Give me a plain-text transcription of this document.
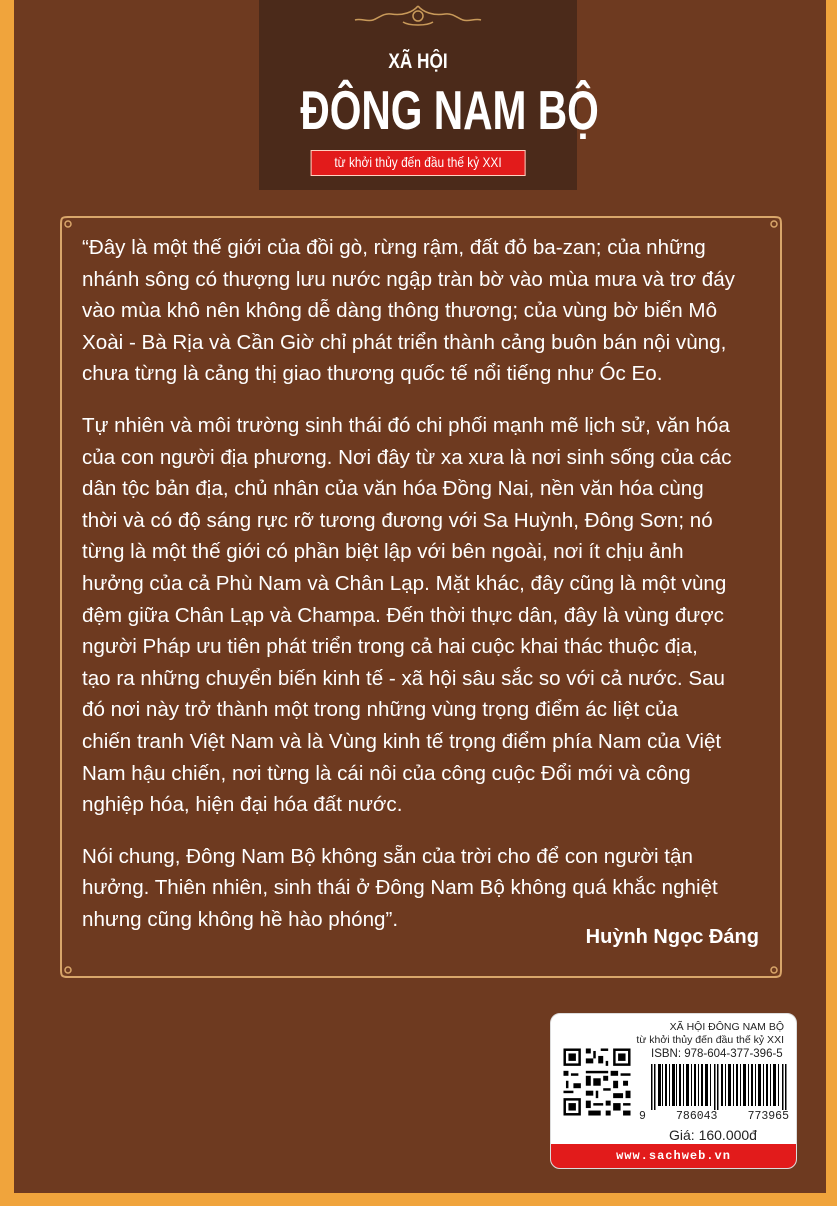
XÃ HỘI
ĐÔNG NAM BỘ
từ khởi thủy đến đầu thế kỷ XXI

“Đây là một thế giới của đồi gò, rừng rậm, đất đỏ ba-zan; của những
nhánh sông có thượng lưu nước ngập tràn bờ vào mùa mưa và trơ đáy
vào mùa khô nên không dễ dàng thông thương; của vùng bờ biển Mô
Xoài - Bà Rịa và Cần Giờ chỉ phát triển thành cảng buôn bán nội vùng,
chưa từng là cảng thị giao thương quốc tế nổi tiếng như Óc Eo.

Tự nhiên và môi trường sinh thái đó chi phối mạnh mẽ lịch sử, văn hóa
của con người địa phương. Nơi đây từ xa xưa là nơi sinh sống của các
dân tộc bản địa, chủ nhân của văn hóa Đồng Nai, nền văn hóa cùng
thời và có độ sáng rực rỡ tương đương với Sa Huỳnh, Đông Sơn; nó
từng là một thế giới có phần biệt lập với bên ngoài, nơi ít chịu ảnh
hưởng của cả Phù Nam và Chân Lạp. Mặt khác, đây cũng là một vùng
đệm giữa Chân Lạp và Champa. Đến thời thực dân, đây là vùng được
người Pháp ưu tiên phát triển trong cả hai cuộc khai thác thuộc địa,
tạo ra những chuyển biến kinh tế - xã hội sâu sắc so với cả nước. Sau
đó nơi này trở thành một trong những vùng trọng điểm ác liệt của
chiến tranh Việt Nam và là Vùng kinh tế trọng điểm phía Nam của Việt
Nam hậu chiến, nơi từng là cái nôi của công cuộc Đổi mới và công
nghiệp hóa, hiện đại hóa đất nước.

Nói chung, Đông Nam Bộ không sẵn của trời cho để con người tận
hưởng. Thiên nhiên, sinh thái ở Đông Nam Bộ không quá khắc nghiệt
nhưng cũng không hề hào phóng”.

Huỳnh Ngọc Đáng
XÃ HỘI ĐÔNG NAM BỘ
từ khởi thủy đến đầu thế kỷ XXI
ISBN: 978-604-377-396-5
9	786043	773965
Giá: 160.000đ
www.sachweb.vn
